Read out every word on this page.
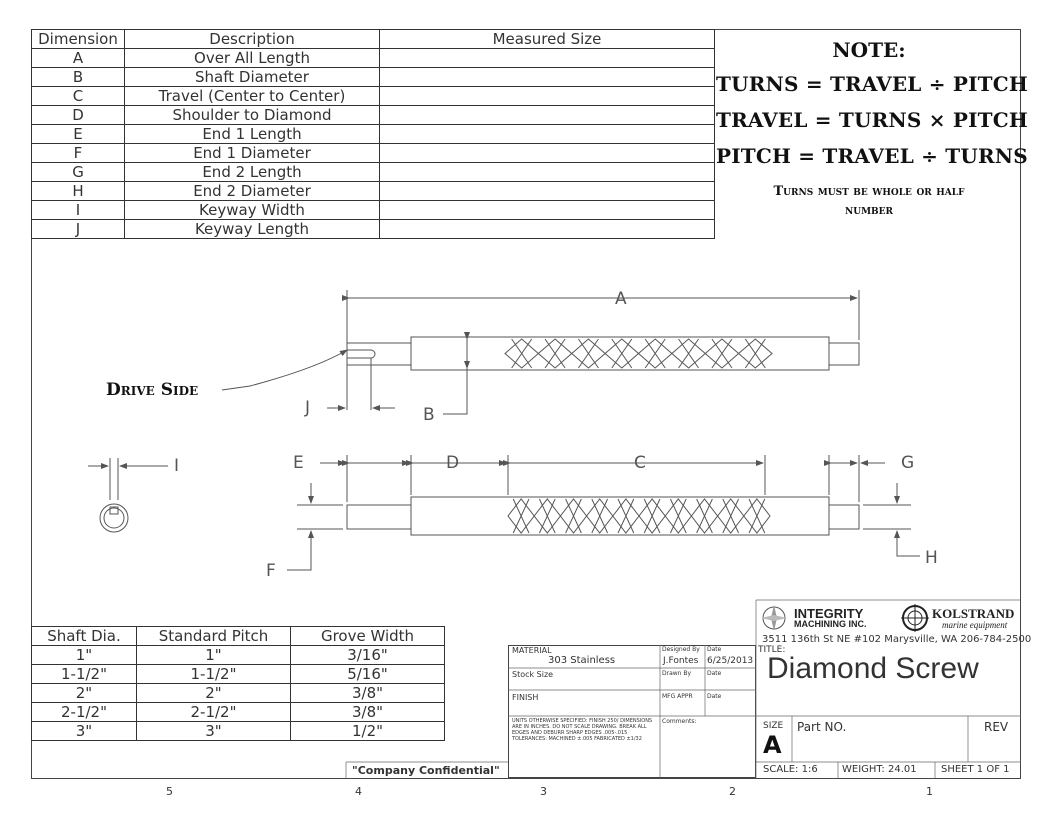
Dimension	Description	Measured Size
A	Over All Length	
B	Shaft Diameter	
C	Travel (Center to Center)	
D	Shoulder to Diamond	
E	End 1 Length	
F	End 1 Diameter	
G	End 2 Length	
H	End 2 Diameter	
I	Keyway Width	
J	Keyway Length	
NOTE:
TURNS = TRAVEL ÷ PITCH
TRAVEL = TURNS × PITCH
PITCH = TRAVEL ÷ TURNS
Turns must be whole or half
number
Drive Side
A
B
C
D
E
F
G
H
I
J
Shaft Dia.	Standard Pitch	Grove Width
1"	1"	3/16"
1-1/2"	1-1/2"	5/16"
2"	2"	3/8"
2-1/2"	2-1/2"	3/8"
3"	3"	1/2"
MATERIAL
303 Stainless
Designed By
J.Fontes
Date
6/25/2013
Stock Size	Drawn By	Date
FINISH	MFG APPR Date
Comments:
UNITS OTHERWISE SPECIFIED: FINISH 250/ DIMENSIONS ARE IN INCHES. DO NOT SCALE DRAWING. BREAK ALL EDGES AND DEBURR SHARP EDGES .005-.015 TOLERANCES: MACHINED ±.005 FABRICATED ±1/32
"Company Confidential"
INTEGRITY
MACHINING INC.
KOLSTRAND
marine equipment
3511 136th St NE #102 Marysville, WA 206-784-2500
TITLE:
Diamond Screw
SIZE
A
Part NO.	REV
SCALE: 1:6 WEIGHT: 24.01 SHEET 1 OF 1
5	4	3	2	1
